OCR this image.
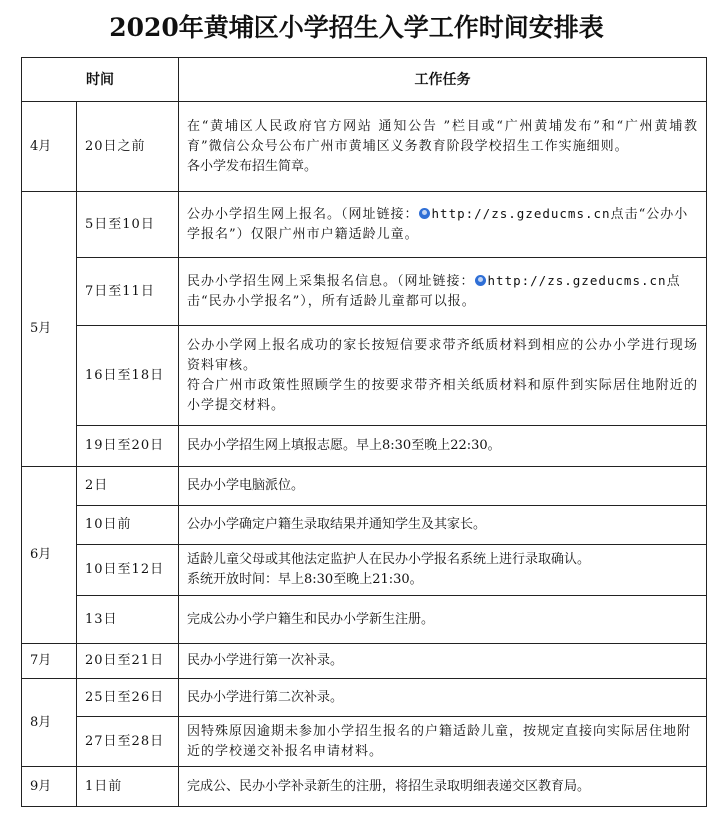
2020年黄埔区小学招生入学工作时间安排表
时间		工作任务
4月	20日之前	在“黄埔区人民政府官方网站 通知公告 ”栏目或“广州黄埔发布”和“广州黄埔教育”微信公众号公布广州市黄埔区义务教育阶段学校招生工作实施细则。
各小学发布招生简章。

5月	5日至10日	公办小学招生网上报名。（网址链接： http://zs.gzeducms.cn点击“公办小学报名”）仅限广州市户籍适龄儿童。
	7日至11日	民办小学招生网上采集报名信息。（网址链接： http://zs.gzeducms.cn点击“民办小学报名”），所有适龄儿童都可以报。
	16日至18日	公办小学网上报名成功的家长按短信要求带齐纸质材料到相应的公办小学进行现场资料审核。
符合广州市政策性照顾学生的按要求带齐相关纸质材料和原件到实际居住地附近的小学提交材料。

	19日至20日	民办小学招生网上填报志愿。早上8:30至晚上22:30。
6月	2日	民办小学电脑派位。
	10日前	公办小学确定户籍生录取结果并通知学生及其家长。
	10日至12日	适龄儿童父母或其他法定监护人在民办小学报名系统上进行录取确认。
系统开放时间：早上8:30至晚上21:30。

	13日	完成公办小学户籍生和民办小学新生注册。
7月	20日至21日	民办小学进行第一次补录。
8月	25日至26日	民办小学进行第二次补录。
	27日至28日	因特殊原因逾期未参加小学招生报名的户籍适龄儿童，按规定直接向实际居住地附近的学校递交补报名申请材料。
9月	1日前	完成公、民办小学补录新生的注册，将招生录取明细表递交区教育局。
